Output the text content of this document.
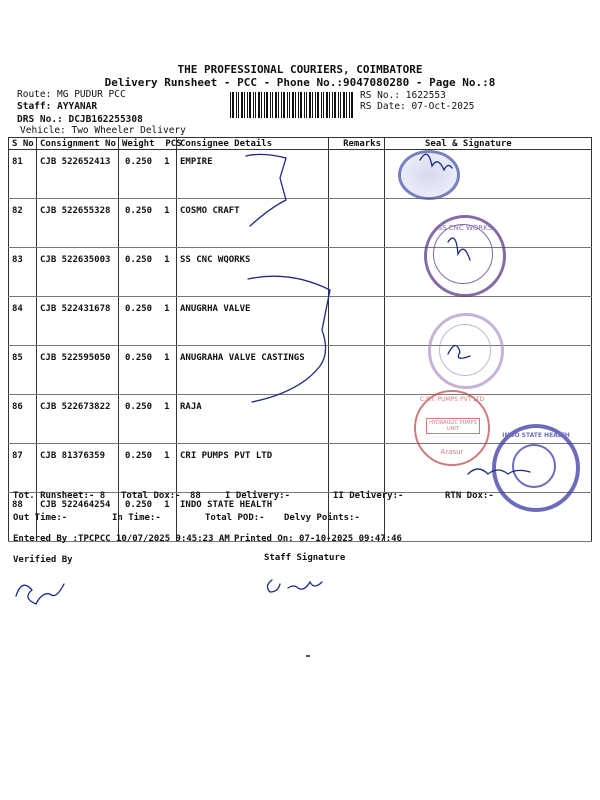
THE PROFESSIONAL COURIERS, COIMBATORE
Delivery Runsheet - PCC - Phone No.:9047080280 - Page No.:8
Route: MG PUDUR PCC
Staff: AYYANAR
DRS No.: DCJB162255308
Vehicle: Two Wheeler Delivery
RS No.: 1622553
RS Date: 07-Oct-2025
S No	Consignment No	Weight PCS	Consignee Details	Remarks	Seal & Signature
81	CJB 522652413	0.250 1	EMPIRE		
82	CJB 522655328	0.250 1	COSMO CRAFT		
83	CJB 522635003	0.250 1	SS CNC WQORKS		
84	CJB 522431678	0.250 1	ANUGRHA VALVE		
85	CJB 522595050	0.250 1	ANUGRAHA VALVE CASTINGS		
86	CJB 522673822	0.250 1	RAJA		
87	CJB 81376359	0.250 1	CRI PUMPS PVT LTD		
88	CJB 522464254	0.250 1	INDO STATE HEALTH		
SS CNC WORKS
C.R.I. PUMPS PVT LTD
HYDRAULIC PUMPS UNIT
Arasur
INDO STATE HEALTH
Tot. Runsheet:- 8 Total Dox:- 88	I Delivery:-	II Delivery:-	RTN Dox:-
Out Time:-	In Time:-	Total POD:- Delvy Points:-
Entered By :TPCPCC 10/07/2025 9:45:23 AM Printed On: 07-10-2025 09:47:46
Verified By	Staff Signature
